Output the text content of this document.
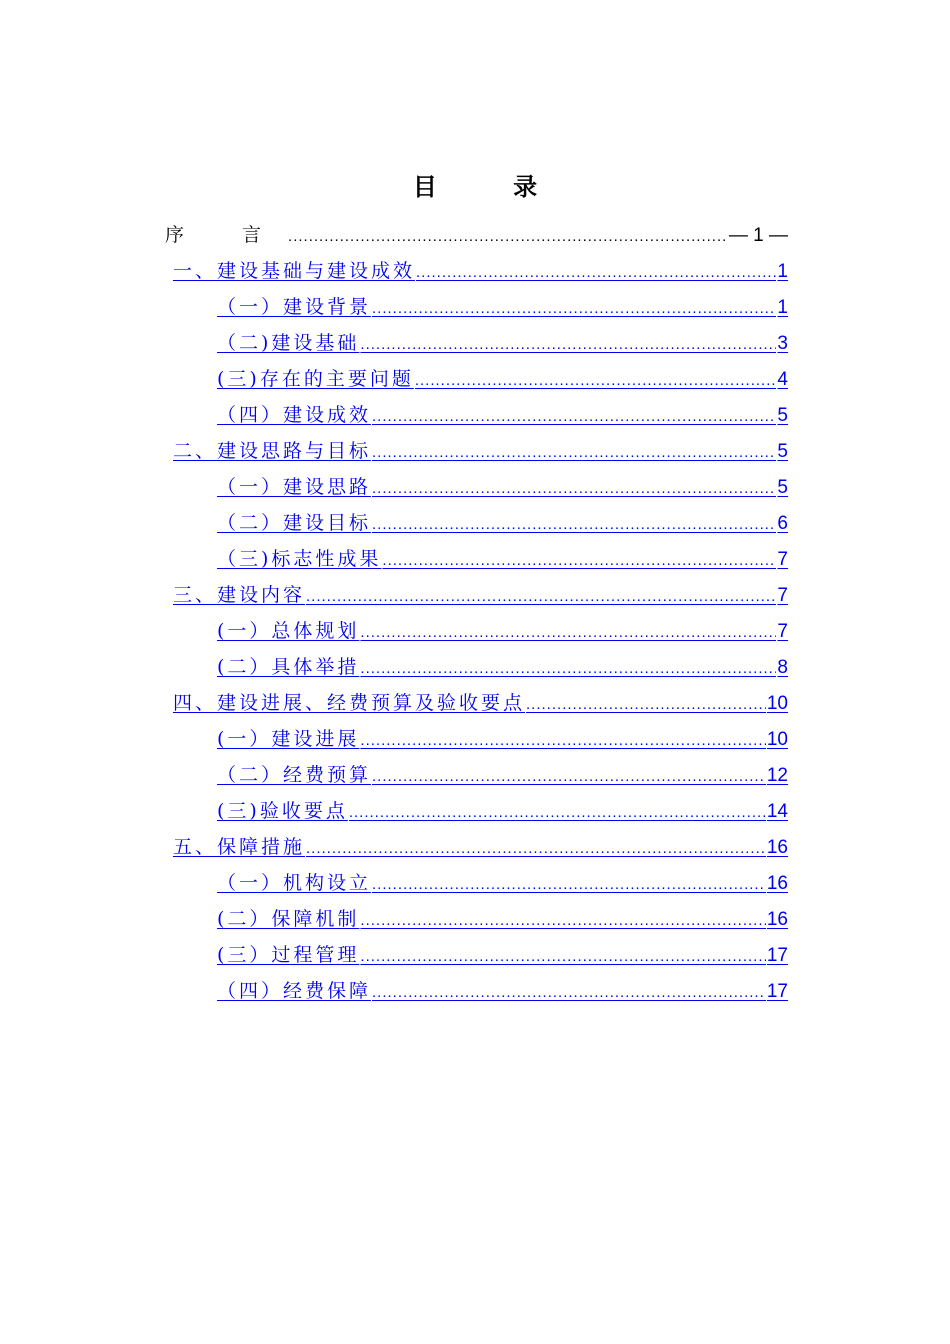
目 录
序 言 .....	— 1 —
一、建设基础与建设成效 .....	1
（一）建设背景 .....	1
（二)建设基础 .....	3
(三)存在的主要问题 .....	4
（四）建设成效 .....	5
二、建设思路与目标 .....	5
（一）建设思路 .....	5
（二）建设目标 .....	6
（三)标志性成果 .....	7
三、建设内容 .....	7
(一）总体规划 .....	7
(二）具体举措 .....	8
四、建设进展、经费预算及验收要点 .....	10
(一）建设进展 .....	10
（二）经费预算 .....	12
(三)验收要点 .....	14
五、保障措施 .....	16
（一）机构设立 .....	16
(二）保障机制 .....	16
(三）过程管理 .....	17
（四）经费保障 .....	17
